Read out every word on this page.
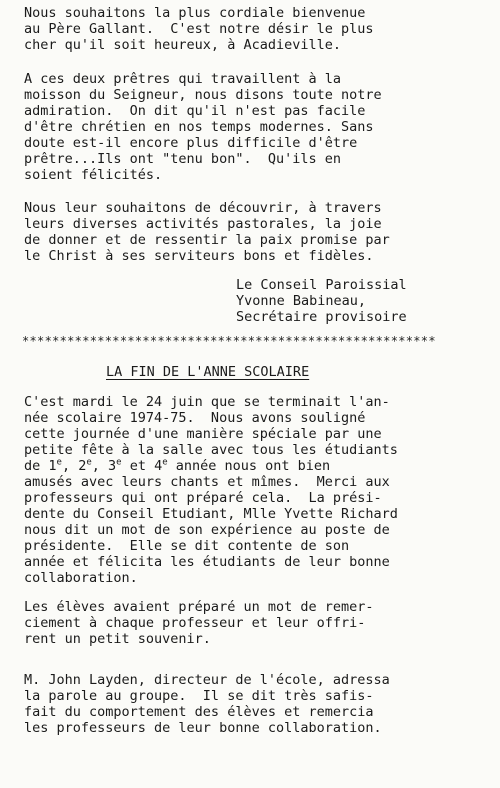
Nous souhaitons la plus cordiale bienvenue
au Père Gallant.  C'est notre désir le plus
cher qu'il soit heureux, à Acadieville.
A ces deux prêtres qui travaillent à la
moisson du Seigneur, nous disons toute notre
admiration.  On dit qu'il n'est pas facile
d'être chrétien en nos temps modernes. Sans
doute est-il encore plus difficile d'être
prêtre...Ils ont "tenu bon".  Qu'ils en
soient félicités.
Nous leur souhaitons de découvrir, à travers
leurs diverses activités pastorales, la joie
de donner et de ressentir la paix promise par
le Christ à ses serviteurs bons et fidèles.
Le Conseil Paroissial
Yvonne Babineau,
Secrétaire provisoire
*******************************************************
LA FIN DE L'ANNE SCOLAIRE
C'est mardi le 24 juin que se terminait l'an-
née scolaire 1974-75.  Nous avons souligné
cette journée d'une manière spéciale par une
petite fête à la salle avec tous les étudiants
de 1e, 2e, 3e et 4e année nous ont bien
amusés avec leurs chants et mîmes.  Merci aux
professeurs qui ont préparé cela.  La prési-
dente du Conseil Etudiant, Mlle Yvette Richard
nous dit un mot de son expérience au poste de
présidente.  Elle se dit contente de son
année et félicita les étudiants de leur bonne
collaboration.
Les élèves avaient préparé un mot de remer-
ciement à chaque professeur et leur offri-
rent un petit souvenir.
M. John Layden, directeur de l'école, adressa
la parole au groupe.  Il se dit très safis-
fait du comportement des élèves et remercia
les professeurs de leur bonne collaboration.
